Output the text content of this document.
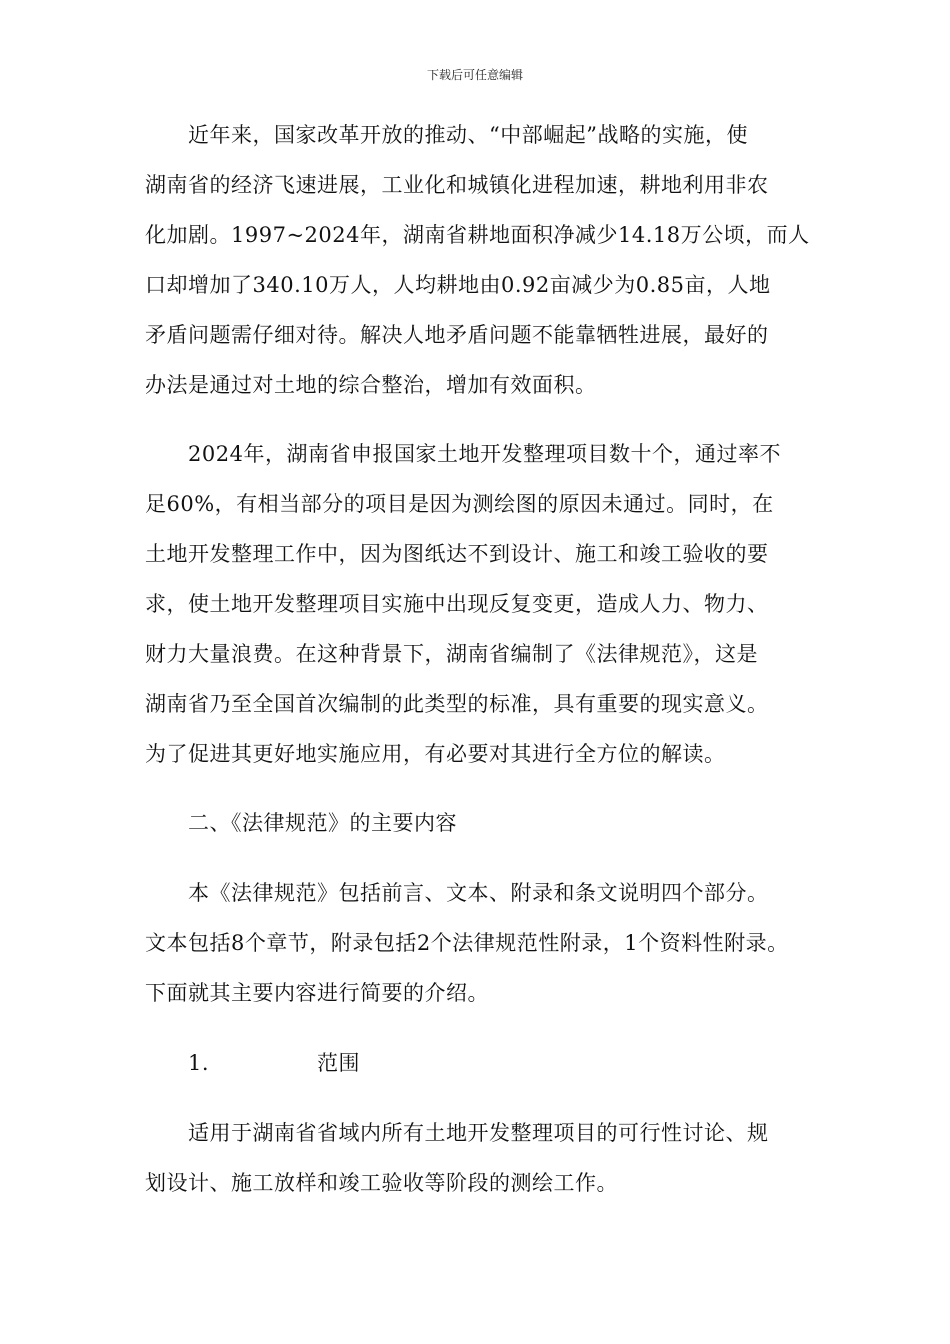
下载后可任意编辑
近年来，国家改革开放的推动、“中部崛起”战略的实施，使
湖南省的经济飞速进展，工业化和城镇化进程加速，耕地利用非农
化加剧。1997~2024年，湖南省耕地面积净减少14.18万公顷，而人
口却增加了340.10万人，人均耕地由0.92亩减少为0.85亩，人地
矛盾问题需仔细对待。解决人地矛盾问题不能靠牺牲进展，最好的
办法是通过对土地的综合整治，增加有效面积。
2024年，湖南省申报国家土地开发整理项目数十个，通过率不
足60%，有相当部分的项目是因为测绘图的原因未通过。同时，在
土地开发整理工作中，因为图纸达不到设计、施工和竣工验收的要
求，使土地开发整理项目实施中出现反复变更，造成人力、物力、
财力大量浪费。在这种背景下，湖南省编制了《法律规范》，这是
湖南省乃至全国首次编制的此类型的标准，具有重要的现实意义。
为了促进其更好地实施应用，有必要对其进行全方位的解读。
二、《法律规范》的主要内容
本《法律规范》包括前言、文本、附录和条文说明四个部分。
文本包括8个章节，附录包括2个法律规范性附录，1个资料性附录。
下面就其主要内容进行简要的介绍。
1.	范围
适用于湖南省省域内所有土地开发整理项目的可行性讨论、规
划设计、施工放样和竣工验收等阶段的测绘工作。
